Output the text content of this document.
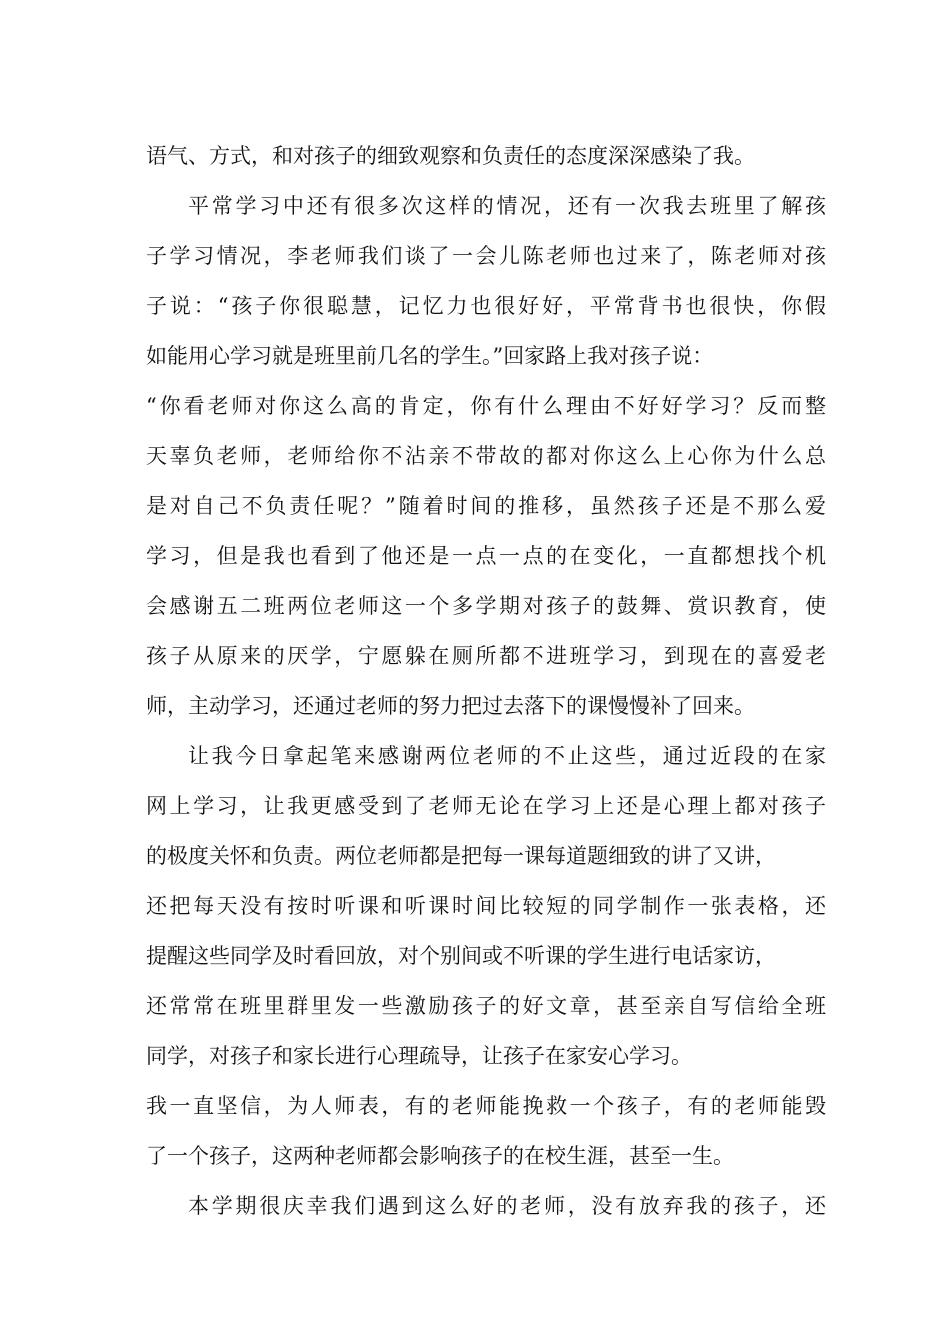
语气、方式，和对孩子的细致观察和负责任的态度深深感染了我。
平常学习中还有很多次这样的情况，还有一次我去班里了解孩
子学习情况，李老师我们谈了一会儿陈老师也过来了，陈老师对孩
子说：“孩子你很聪慧，记忆力也很好好，平常背书也很快，你假
如能用心学习就是班里前几名的学生。”回家路上我对孩子说：
“你看老师对你这么高的肯定，你有什么理由不好好学习？反而整
天辜负老师，老师给你不沾亲不带故的都对你这么上心你为什么总
是对自己不负责任呢？”随着时间的推移，虽然孩子还是不那么爱
学习，但是我也看到了他还是一点一点的在变化，一直都想找个机
会感谢五二班两位老师这一个多学期对孩子的鼓舞、赏识教育，使
孩子从原来的厌学，宁愿躲在厕所都不进班学习，到现在的喜爱老
师，主动学习，还通过老师的努力把过去落下的课慢慢补了回来。
让我今日拿起笔来感谢两位老师的不止这些，通过近段的在家
网上学习，让我更感受到了老师无论在学习上还是心理上都对孩子
的极度关怀和负责。两位老师都是把每一课每道题细致的讲了又讲，
还把每天没有按时听课和听课时间比较短的同学制作一张表格，还
提醒这些同学及时看回放，对个别间或不听课的学生进行电话家访，
还常常在班里群里发一些激励孩子的好文章，甚至亲自写信给全班
同学，对孩子和家长进行心理疏导，让孩子在家安心学习。
我一直坚信，为人师表，有的老师能挽救一个孩子，有的老师能毁
了一个孩子，这两种老师都会影响孩子的在校生涯，甚至一生。
本学期很庆幸我们遇到这么好的老师，没有放弃我的孩子，还
